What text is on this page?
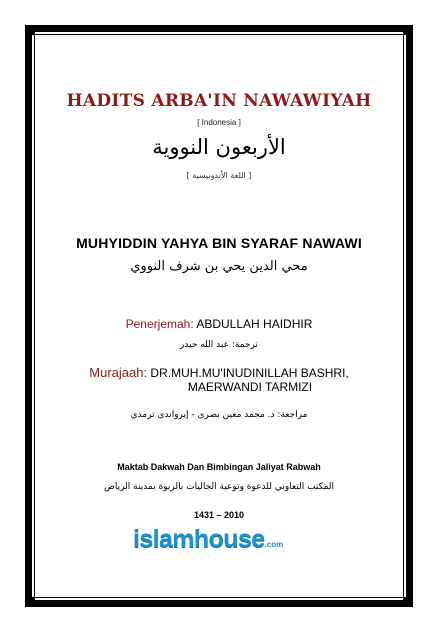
HADITS ARBA'IN NAWAWIYAH
[ Indonesia ]
الأربعون النووية
[ اللغة الأندونيسية ]
MUHYIDDIN YAHYA BIN SYARAF NAWAWI
محي الدين يحي بن شرف النووي
Penerjemah: ABDULLAH HAIDHIR
ترجمة: عبد الله حيدر
Murajaah: DR.MUH.MU'INUDINILLAH BASHRI,
MAERWANDI TARMIZI
مراجعة: د. محمد معين بصري - إيرواندي ترمذي
Maktab Dakwah Dan Bimbingan Jaliyat Rabwah
المكتب التعاوني للدعوة وتوعية الجاليات بالربوة بمدينة الرياض
1431 – 2010
islamhouse.com
